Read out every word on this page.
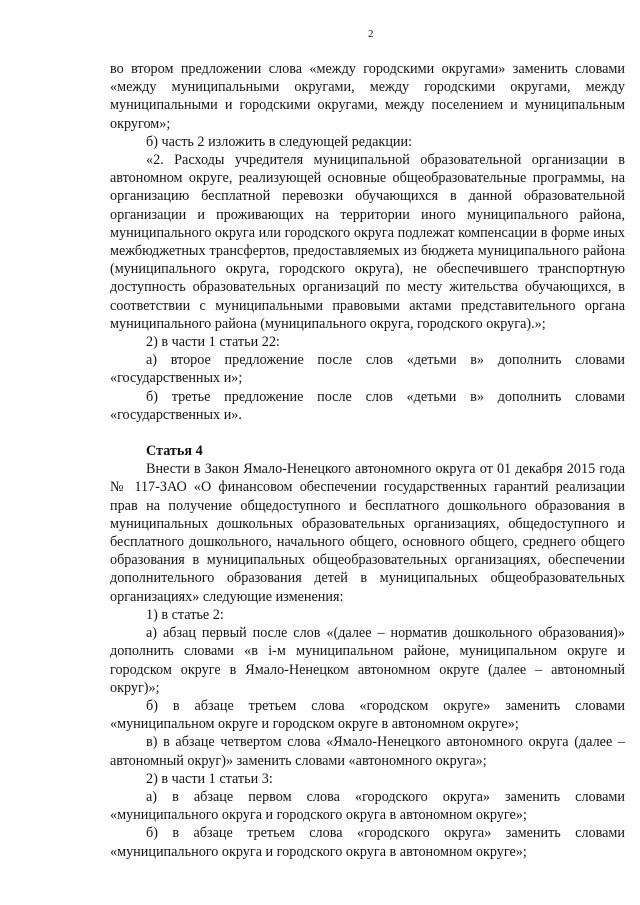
2

во втором предложении слова «между городскими округами» заменить словами «между муниципальными округами, между городскими округами, между муниципальными и городскими округами, между поселением и муниципальным округом»;

б) часть 2 изложить в следующей редакции:

«2. Расходы учредителя муниципальной образовательной организации в автономном округе, реализующей основные общеобразовательные программы, на организацию бесплатной перевозки обучающихся в данной образовательной организации и проживающих на территории иного муниципального района, муниципального округа или городского округа подлежат компенсации в форме иных межбюджетных трансфертов, предоставляемых из бюджета муниципального района (муниципального округа, городского округа), не обеспечившего транспортную доступность образовательных организаций по месту жительства обучающихся, в соответствии с муниципальными правовыми актами представительного органа муниципального района (муниципального округа, городского округа).»;

2) в части 1 статьи 22:

а) второе предложение после слов «детьми в» дополнить словами «государственных и»;

б) третье предложение после слов «детьми в» дополнить словами «государственных и».

Статья 4

Внести в Закон Ямало-Ненецкого автономного округа от 01 декабря 2015 года № 117-ЗАО «О финансовом обеспечении государственных гарантий реализации прав на получение общедоступного и бесплатного дошкольного образования в муниципальных дошкольных образовательных организациях, общедоступного и бесплатного дошкольного, начального общего, основного общего, среднего общего образования в муниципальных общеобразовательных организациях, обеспечении дополнительного образования детей в муниципальных общеобразовательных организациях» следующие изменения:

1) в статье 2:

а) абзац первый после слов «(далее – норматив дошкольного образования)» дополнить словами «в i-м муниципальном районе, муниципальном округе и городском округе в Ямало-Ненецком автономном округе (далее – автономный округ)»;

б) в абзаце третьем слова «городском округе» заменить словами «муниципальном округе и городском округе в автономном округе»;

в) в абзаце четвертом слова «Ямало-Ненецкого автономного округа (далее – автономный округ)» заменить словами «автономного округа»;

2) в части 1 статьи 3:

а) в абзаце первом слова «городского округа» заменить словами «муниципального округа и городского округа в автономном округе»;

б) в абзаце третьем слова «городского округа» заменить словами «муниципального округа и городского округа в автономном округе»;
